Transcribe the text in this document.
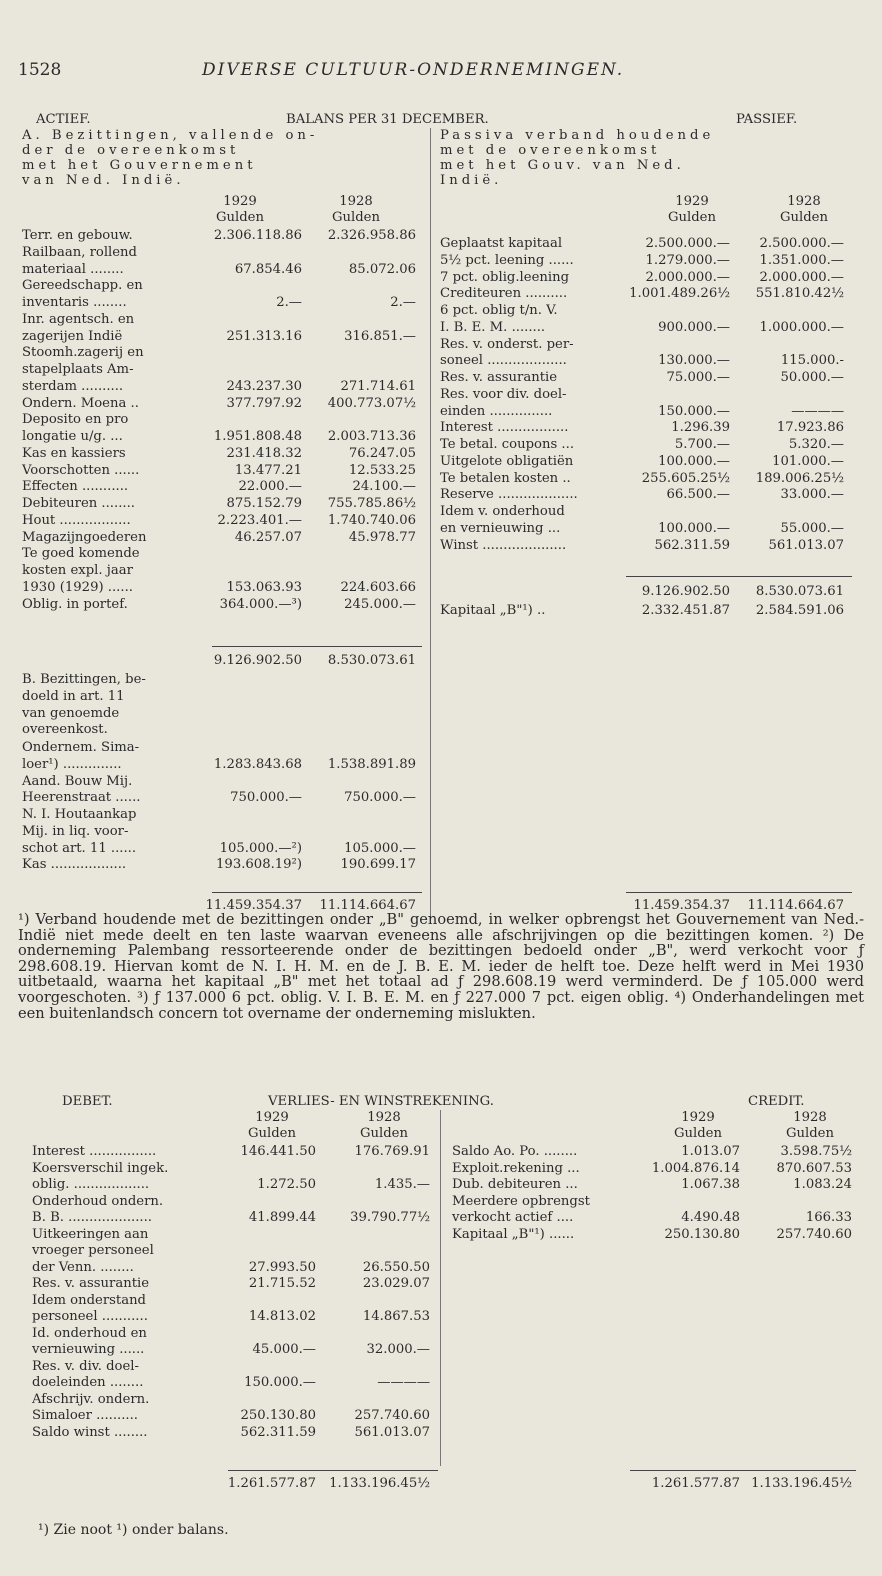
1528	DIVERSE CULTUUR-ONDERNEMINGEN.
ACTIEF.	BALANS PER 31 DECEMBER.	PASSIEF.
A. Bezittingen, vallende on-
der de overeenkomst
met het Gouvernement
van Ned. Indië.
Passiva verband houdende
met de overeenkomst
met het Gouv. van Ned.
Indië.
1929	1928
Gulden	Gulden
Terr. en gebouw.	2.306.118.86 2.326.958.86
Railbaan, rollend
materiaal ........	67.854.46	85.072.06
Gereedschapp. en
inventaris ........	2.—	2.—
Inr. agentsch. en
zagerijen Indië	251.313.16	316.851.—
Stoomh.zagerij en
stapelplaats Am-
sterdam ..........	243.237.30	271.714.61
Ondern. Moena ..	377.797.92 400.773.07½
Deposito en pro
longatie u/g. ...	1.951.808.48 2.003.713.36
Kas en kassiers	231.418.32	76.247.05
Voorschotten ......	13.477.21	12.533.25
Effecten ...........	22.000.—	24.100.—
Debiteuren ........	875.152.79 755.785.86½
Hout .................	2.223.401.— 1.740.740.06
Magazijngoederen	46.257.07	45.978.77
Te goed komende
kosten expl. jaar
1930 (1929) ......	153.063.93	224.603.66
Oblig. in portef.	364.000.—³)	245.000.—
9.126.902.50 8.530.073.61
B. Bezittingen, be-
doeld in art. 11
van genoemde
overeenkost.
Ondernem. Sima-
loer¹) ..............	1.283.843.68 1.538.891.89
Aand. Bouw Mij.
Heerenstraat ......	750.000.—	750.000.—
N. I. Houtaankap
Mij. in liq. voor-
schot art. 11 ......	105.000.—²)	105.000.—
Kas ..................	193.608.19²)	190.699.17
11.459.354.37 11.114.664.67
1929	1928
Gulden	Gulden
Geplaatst kapitaal	2.500.000.— 2.500.000.—
5½ pct. leening ......	1.279.000.— 1.351.000.—
7 pct. oblig.leening	2.000.000.— 2.000.000.—
Crediteuren ..........	1.001.489.26½ 551.810.42½
6 pct. oblig t/n. V.
I. B. E. M. ........	900.000.— 1.000.000.—
Res. v. onderst. per-
soneel ...................	130.000.—	115.000.-
Res. v. assurantie	75.000.—	50.000.—
Res. voor div. doel-
einden ...............	150.000.—	————
Interest .................	1.296.39	17.923.86
Te betal. coupons ...	5.700.—	5.320.—
Uitgelote obligatiën	100.000.—	101.000.—
Te betalen kosten ..	255.605.25½ 189.006.25½
Reserve ...................	66.500.—	33.000.—
Idem v. onderhoud
en vernieuwing ...	100.000.—	55.000.—
Winst ....................	562.311.59	561.013.07
9.126.902.50 8.530.073.61
Kapitaal „B"¹) ..	2.332.451.87 2.584.591.06
11.459.354.37 11.114.664.67
¹) Verband houdende met de bezittingen onder „B" genoemd, in welker opbrengst het Gouvernement van Ned.-Indië niet mede deelt en ten laste waarvan eveneens alle afschrijvingen op die bezittingen komen. ²) De onderneming Palembang ressorteerende onder de bezittingen bedoeld onder „B", werd verkocht voor ƒ 298.608.19. Hiervan komt de N. I. H. M. en de J. B. E. M. ieder de helft toe. Deze helft werd in Mei 1930 uitbetaald, waarna het kapitaal „B" met het totaal ad ƒ 298.608.19 werd verminderd. De ƒ 105.000 werd voorgeschoten. ³) ƒ 137.000 6 pct. oblig. V. I. B. E. M. en ƒ 227.000 7 pct. eigen oblig. ⁴) Onderhandelingen met een buitenlandsch concern tot overname der onderneming mislukten.
DEBET.	VERLIES- EN WINSTREKENING.	CREDIT.
1929	1928
Gulden	Gulden
Interest ................	146.441.50	176.769.91
Koersverschil ingek.
oblig. ..................	1.272.50	1.435.—
Onderhoud ondern.
B. B. ....................	41.899.44	39.790.77½
Uitkeeringen aan
vroeger personeel
der Venn. ........	27.993.50	26.550.50
Res. v. assurantie	21.715.52	23.029.07
Idem onderstand
personeel ...........	14.813.02	14.867.53
Id. onderhoud en
vernieuwing ......	45.000.—	32.000.—
Res. v. div. doel-
doeleinden ........	150.000.—	————
Afschrijv. ondern.
Simaloer ..........	250.130.80	257.740.60
Saldo winst ........	562.311.59	561.013.07
1.261.577.87 1.133.196.45½
1929	1928
Gulden	Gulden
Saldo Ao. Po. ........	1.013.07	3.598.75½
Exploit.rekening ...	1.004.876.14	870.607.53
Dub. debiteuren ...	1.067.38	1.083.24
Meerdere opbrengst
verkocht actief ....	4.490.48	166.33
Kapitaal „B"¹) ......	250.130.80	257.740.60
1.261.577.87 1.133.196.45½
¹) Zie noot ¹) onder balans.
